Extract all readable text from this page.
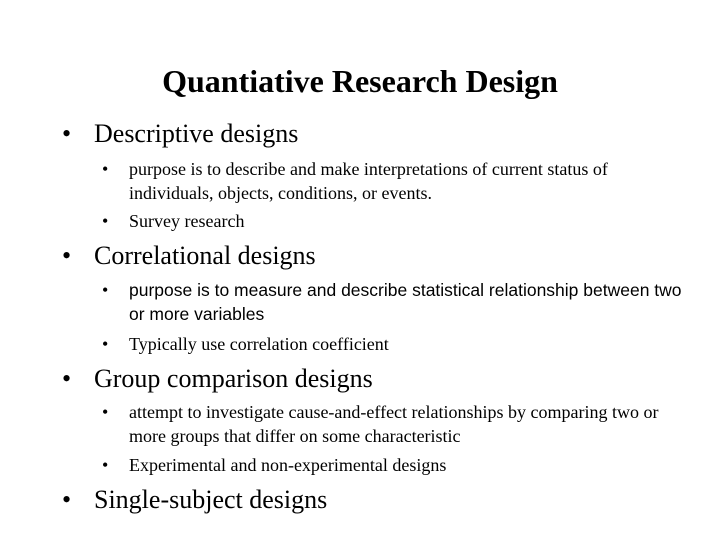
Quantiative Research Design
• Descriptive designs
• purpose is to describe and make interpretations of current status of individuals, objects, conditions, or events.
• Survey research
• Correlational designs
• purpose is to measure and describe statistical relationship between two or more variables
• Typically use correlation coefficient
• Group comparison designs
• attempt to investigate cause-and-effect relationships by comparing two or more groups that differ on some characteristic
• Experimental and non-experimental designs
• Single-subject designs
